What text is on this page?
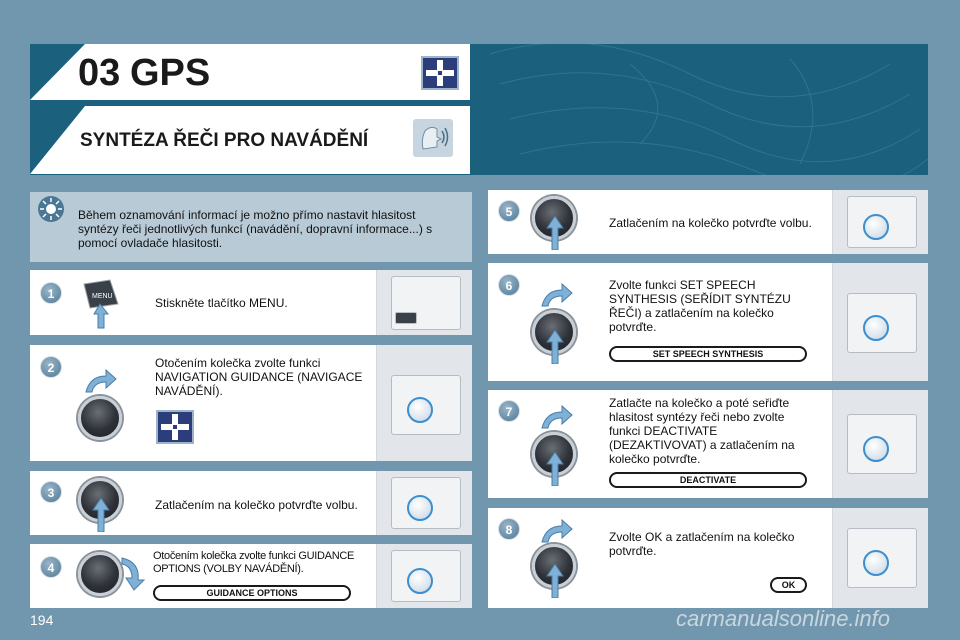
03 GPS
SYNTÉZA ŘEČI PRO NAVÁDĚNÍ
Během oznamování informací je možno přímo nastavit hlasitost syntézy řeči jednotlivých funkcí (navádění, dopravní informace...) s pomocí ovladače hlasitosti.
1	MENU	Stiskněte tlačítko MENU.
2	Otočením kolečka zvolte funkci NAVIGATION GUIDANCE (NAVIGACE NAVÁDĚNÍ).
3
Zatlačením na kolečko potvrďte volbu.
4
Otočením kolečka zvolte funkci GUIDANCE OPTIONS (VOLBY NAVÁDĚNÍ).
GUIDANCE OPTIONS
5
Zatlačením na kolečko potvrďte volbu.
6	Zvolte funkci SET SPEECH SYNTHESIS (SEŘÍDIT SYNTÉZU ŘEČI) a zatlačením na kolečko potvrďte.
SET SPEECH SYNTHESIS
7
Zatlačte na kolečko a poté seřiďte hlasitost syntézy řeči nebo zvolte funkci DEACTIVATE (DEZAKTIVOVAT) a zatlačením na kolečko potvrďte.
DEACTIVATE
8	Zvolte OK a zatlačením na kolečko potvrďte.
OK
194	carmanualsonline.info
